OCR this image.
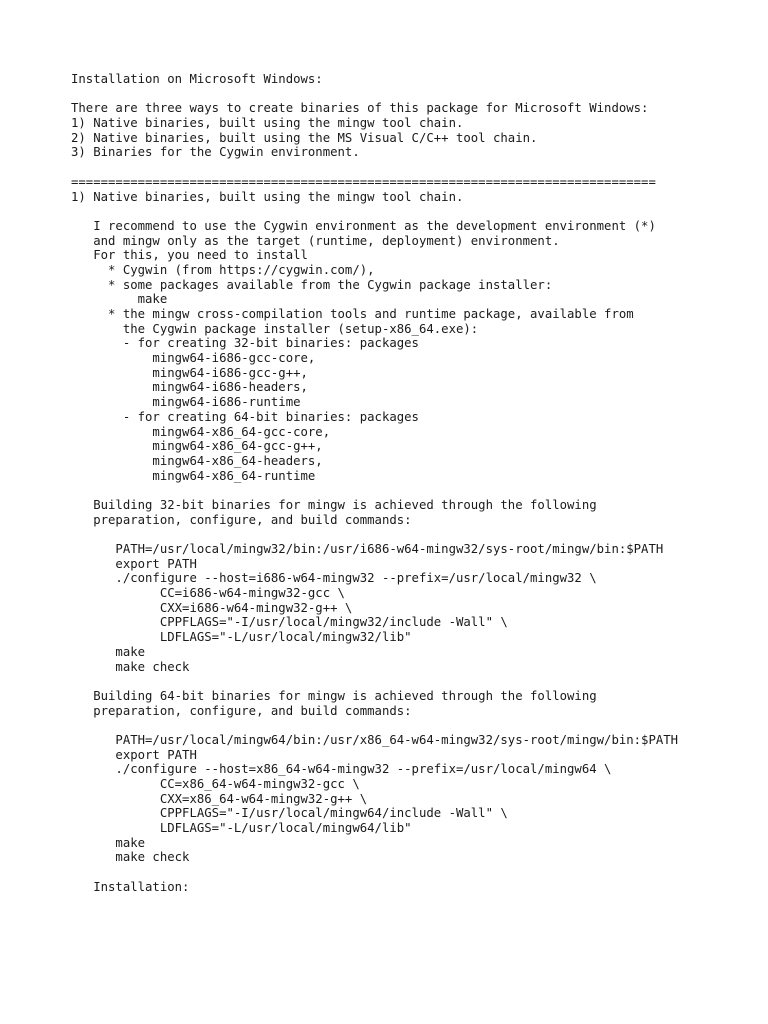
Installation on Microsoft Windows:
There are three ways to create binaries of this package for Microsoft Windows:
1) Native binaries, built using the mingw tool chain.
2) Native binaries, built using the MS Visual C/C++ tool chain.
3) Binaries for the Cygwin environment.
===============================================================================
1) Native binaries, built using the mingw tool chain.
I recommend to use the Cygwin environment as the development environment (*)
and mingw only as the target (runtime, deployment) environment.
For this, you need to install
* Cygwin (from https://cygwin.com/),
* some packages available from the Cygwin package installer:
make
* the mingw cross-compilation tools and runtime package, available from
the Cygwin package installer (setup-x86_64.exe):
- for creating 32-bit binaries: packages
mingw64-i686-gcc-core,
mingw64-i686-gcc-g++,
mingw64-i686-headers,
mingw64-i686-runtime
- for creating 64-bit binaries: packages
mingw64-x86_64-gcc-core,
mingw64-x86_64-gcc-g++,
mingw64-x86_64-headers,
mingw64-x86_64-runtime
Building 32-bit binaries for mingw is achieved through the following
preparation, configure, and build commands:
PATH=/usr/local/mingw32/bin:/usr/i686-w64-mingw32/sys-root/mingw/bin:$PATH
export PATH
./configure --host=i686-w64-mingw32 --prefix=/usr/local/mingw32 \
CC=i686-w64-mingw32-gcc \
CXX=i686-w64-mingw32-g++ \
CPPFLAGS="-I/usr/local/mingw32/include -Wall" \
LDFLAGS="-L/usr/local/mingw32/lib"
make
make check
Building 64-bit binaries for mingw is achieved through the following
preparation, configure, and build commands:
PATH=/usr/local/mingw64/bin:/usr/x86_64-w64-mingw32/sys-root/mingw/bin:$PATH
export PATH
./configure --host=x86_64-w64-mingw32 --prefix=/usr/local/mingw64 \
CC=x86_64-w64-mingw32-gcc \
CXX=x86_64-w64-mingw32-g++ \
CPPFLAGS="-I/usr/local/mingw64/include -Wall" \
LDFLAGS="-L/usr/local/mingw64/lib"
make
make check
Installation:
